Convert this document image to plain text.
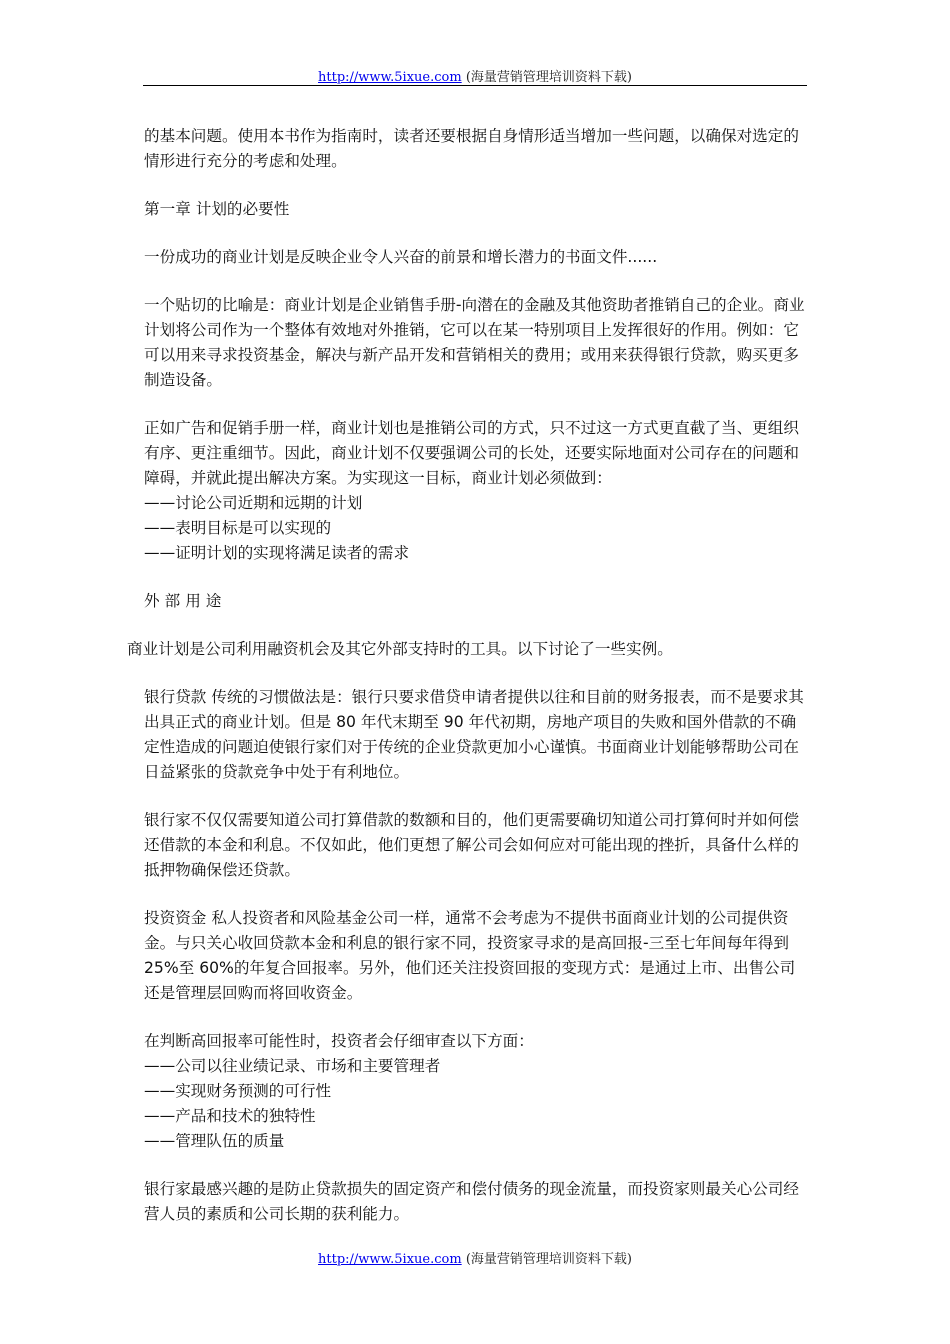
http://www.5ixue.com (海量营销管理培训资料下载)

的基本问题。使用本书作为指南时，读者还要根据自身情形适当增加一些问题，以确保对选定的情形进行充分的考虑和处理。

第一章 计划的必要性

一份成功的商业计划是反映企业令人兴奋的前景和增长潜力的书面文件......

一个贴切的比喻是：商业计划是企业销售手册-向潜在的金融及其他资助者推销自己的企业。商业计划将公司作为一个整体有效地对外推销，它可以在某一特别项目上发挥很好的作用。例如：它可以用来寻求投资基金，解决与新产品开发和营销相关的费用；或用来获得银行贷款，购买更多制造设备。

正如广告和促销手册一样，商业计划也是推销公司的方式，只不过这一方式更直截了当、更组织有序、更注重细节。因此，商业计划不仅要强调公司的长处，还要实际地面对公司存在的问题和障碍，并就此提出解决方案。为实现这一目标，商业计划必须做到：

——讨论公司近期和远期的计划

——表明目标是可以实现的

——证明计划的实现将满足读者的需求

外部用途

商业计划是公司利用融资机会及其它外部支持时的工具。以下讨论了一些实例。

银行贷款 传统的习惯做法是：银行只要求借贷申请者提供以往和目前的财务报表，而不是要求其出具正式的商业计划。但是 80 年代末期至 90 年代初期，房地产项目的失败和国外借款的不确定性造成的问题迫使银行家们对于传统的企业贷款更加小心谨慎。书面商业计划能够帮助公司在日益紧张的贷款竞争中处于有利地位。

银行家不仅仅需要知道公司打算借款的数额和目的，他们更需要确切知道公司打算何时并如何偿还借款的本金和利息。不仅如此，他们更想了解公司会如何应对可能出现的挫折，具备什么样的抵押物确保偿还贷款。

投资资金 私人投资者和风险基金公司一样，通常不会考虑为不提供书面商业计划的公司提供资金。与只关心收回贷款本金和利息的银行家不同，投资家寻求的是高回报-三至七年间每年得到 25%至 60%的年复合回报率。另外，他们还关注投资回报的变现方式：是通过上市、出售公司还是管理层回购而将回收资金。

在判断高回报率可能性时，投资者会仔细审查以下方面：

——公司以往业绩记录、市场和主要管理者

——实现财务预测的可行性

——产品和技术的独特性

——管理队伍的质量

银行家最感兴趣的是防止贷款损失的固定资产和偿付债务的现金流量，而投资家则最关心公司经营人员的素质和公司长期的获利能力。

http://www.5ixue.com (海量营销管理培训资料下载)
